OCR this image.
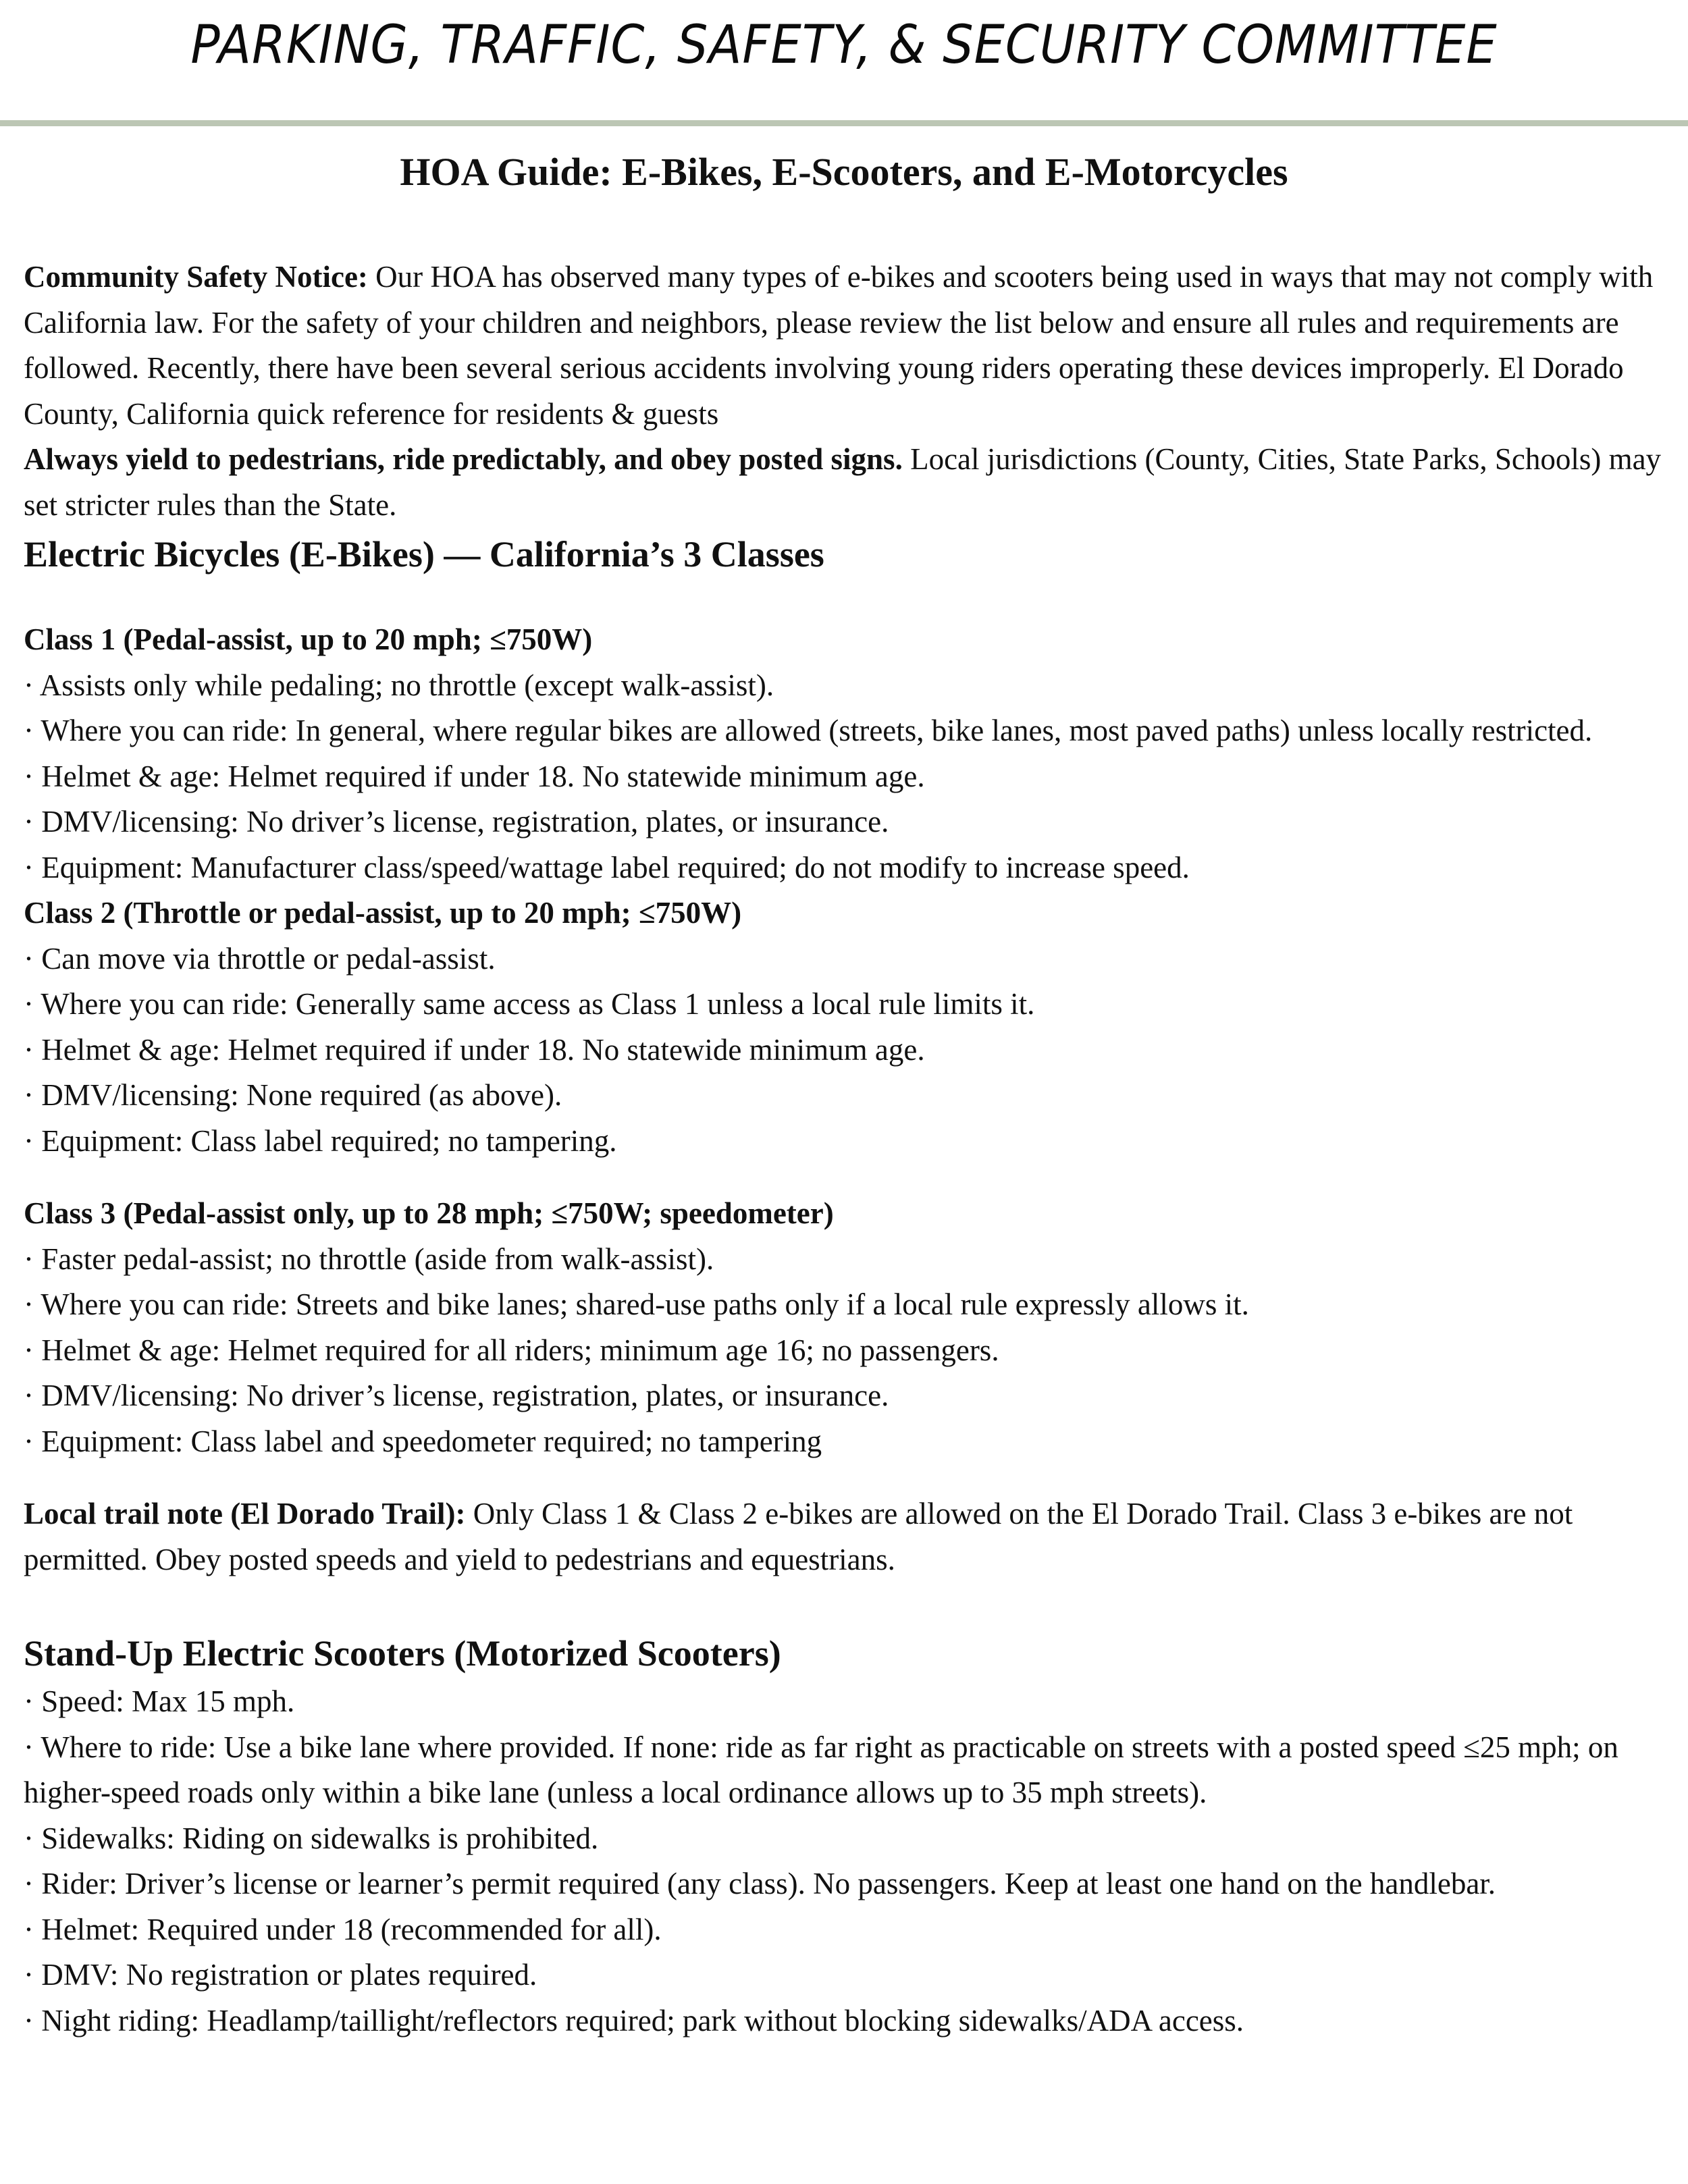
PARKING, TRAFFIC, SAFETY, & SECURITY COMMITTEE
HOA Guide: E-Bikes, E-Scooters, and E-Motorcycles

Community Safety Notice: Our HOA has observed many types of e-bikes and scooters being used in ways that may not comply with California law. For the safety of your children and neighbors, please review the list below and ensure all rules and requirements are followed. Recently, there have been several serious accidents involving young riders operating these devices improperly. El Dorado County, California quick reference for residents & guests

Always yield to pedestrians, ride predictably, and obey posted signs. Local jurisdictions (County, Cities, State Parks, Schools) may set stricter rules than the State.

Electric Bicycles (E-Bikes) — California’s 3 Classes
Class 1 (Pedal-assist, up to 20 mph; ≤750W)
· Assists only while pedaling; no throttle (except walk-assist).
· Where you can ride: In general, where regular bikes are allowed (streets, bike lanes, most paved paths) unless locally restricted.
· Helmet & age: Helmet required if under 18. No statewide minimum age.
· DMV/licensing: No driver’s license, registration, plates, or insurance.
· Equipment: Manufacturer class/speed/wattage label required; do not modify to increase speed.
Class 2 (Throttle or pedal-assist, up to 20 mph; ≤750W)
· Can move via throttle or pedal-assist.
· Where you can ride: Generally same access as Class 1 unless a local rule limits it.
· Helmet & age: Helmet required if under 18. No statewide minimum age.
· DMV/licensing: None required (as above).
· Equipment: Class label required; no tampering.
Class 3 (Pedal-assist only, up to 28 mph; ≤750W; speedometer)
· Faster pedal-assist; no throttle (aside from walk-assist).
· Where you can ride: Streets and bike lanes; shared-use paths only if a local rule expressly allows it.
· Helmet & age: Helmet required for all riders; minimum age 16; no passengers.
· DMV/licensing: No driver’s license, registration, plates, or insurance.
· Equipment: Class label and speedometer required; no tampering

Local trail note (El Dorado Trail): Only Class 1 & Class 2 e-bikes are allowed on the El Dorado Trail. Class 3 e-bikes are not permitted. Obey posted speeds and yield to pedestrians and equestrians.

Stand-Up Electric Scooters (Motorized Scooters)
· Speed: Max 15 mph.
· Where to ride: Use a bike lane where provided. If none: ride as far right as practicable on streets with a posted speed ≤25 mph; on higher-speed roads only within a bike lane (unless a local ordinance allows up to 35 mph streets).
· Sidewalks: Riding on sidewalks is prohibited.
· Rider: Driver’s license or learner’s permit required (any class). No passengers. Keep at least one hand on the handlebar.
· Helmet: Required under 18 (recommended for all).
· DMV: No registration or plates required.
· Night riding: Headlamp/taillight/reflectors required; park without blocking sidewalks/ADA access.
